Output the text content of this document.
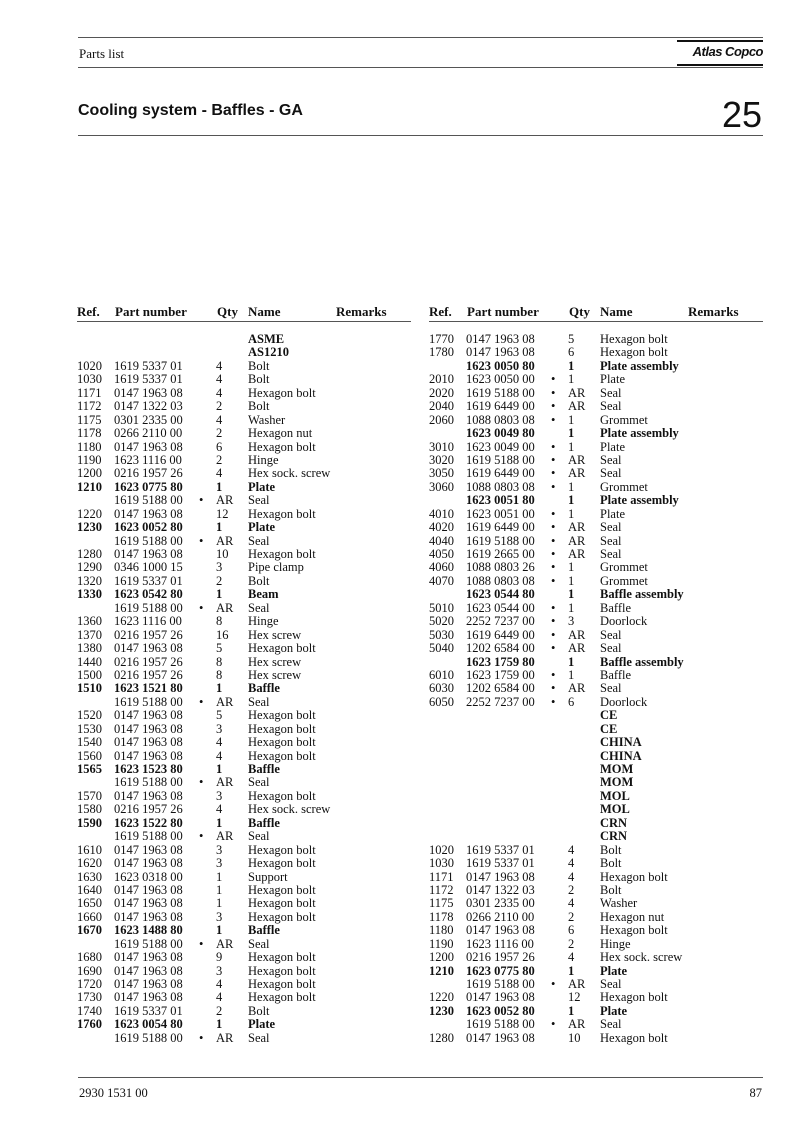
Parts list	Atlas Copco
Cooling system - Baffles - GA	25
Ref. Part number Qty Name	Remarks	Ref. Part number Qty Name	Remarks
ASME
AS1210
1020 1619 5337 01	4 Bolt
1030 1619 5337 01	4 Bolt
1171 0147 1963 08	4 Hexagon bolt
1172 0147 1322 03	2 Bolt
1175 0301 2335 00	4 Washer
1178 0266 2110 00	2 Hexagon nut
1180 0147 1963 08	6 Hexagon bolt
1190 1623 1116 00	2 Hinge
1200 0216 1957 26	4 Hex sock. screw
1210 1623 0775 80	1 Plate
1619 5188 00 • AR Seal
1220 0147 1963 08	12 Hexagon bolt
1230 1623 0052 80	1 Plate
1619 5188 00 • AR Seal
1280 0147 1963 08	10 Hexagon bolt
1290 0346 1000 15	3 Pipe clamp
1320 1619 5337 01	2 Bolt
1330 1623 0542 80	1 Beam
1619 5188 00 • AR Seal
1360 1623 1116 00	8 Hinge
1370 0216 1957 26	16 Hex screw
1380 0147 1963 08	5 Hexagon bolt
1440 0216 1957 26	8 Hex screw
1500 0216 1957 26	8 Hex screw
1510 1623 1521 80	1 Baffle
1619 5188 00 • AR Seal
1520 0147 1963 08	5 Hexagon bolt
1530 0147 1963 08	3 Hexagon bolt
1540 0147 1963 08	4 Hexagon bolt
1560 0147 1963 08	4 Hexagon bolt
1565 1623 1523 80	1 Baffle
1619 5188 00 • AR Seal
1570 0147 1963 08	3 Hexagon bolt
1580 0216 1957 26	4 Hex sock. screw
1590 1623 1522 80	1 Baffle
1619 5188 00 • AR Seal
1610 0147 1963 08	3 Hexagon bolt
1620 0147 1963 08	3 Hexagon bolt
1630 1623 0318 00	1 Support
1640 0147 1963 08	1 Hexagon bolt
1650 0147 1963 08	1 Hexagon bolt
1660 0147 1963 08	3 Hexagon bolt
1670 1623 1488 80	1 Baffle
1619 5188 00 • AR Seal
1680 0147 1963 08	9 Hexagon bolt
1690 0147 1963 08	3 Hexagon bolt
1720 0147 1963 08	4 Hexagon bolt
1730 0147 1963 08	4 Hexagon bolt
1740 1619 5337 01	2 Bolt
1760 1623 0054 80	1 Plate
1619 5188 00 • AR Seal
1770 0147 1963 08	5 Hexagon bolt
1780 0147 1963 08	6 Hexagon bolt
1623 0050 80	1 Plate assembly
2010 1623 0050 00 • 1 Plate
2020 1619 5188 00 • AR Seal
2040 1619 6449 00 • AR Seal
2060 1088 0803 08 • 1 Grommet
1623 0049 80	1 Plate assembly
3010 1623 0049 00 • 1 Plate
3020 1619 5188 00 • AR Seal
3050 1619 6449 00 • AR Seal
3060 1088 0803 08 • 1 Grommet
1623 0051 80	1 Plate assembly
4010 1623 0051 00 • 1 Plate
4020 1619 6449 00 • AR Seal
4040 1619 5188 00 • AR Seal
4050 1619 2665 00 • AR Seal
4060 1088 0803 26 • 1 Grommet
4070 1088 0803 08 • 1 Grommet
1623 0544 80	1 Baffle assembly
5010 1623 0544 00 • 1 Baffle
5020 2252 7237 00 • 3 Doorlock
5030 1619 6449 00 • AR Seal
5040 1202 6584 00 • AR Seal
1623 1759 80	1 Baffle assembly
6010 1623 1759 00 • 1 Baffle
6030 1202 6584 00 • AR Seal
6050 2252 7237 00 • 6 Doorlock
CE
CE
CHINA
CHINA
MOM
MOM
MOL
MOL
CRN
CRN
1020 1619 5337 01	4 Bolt
1030 1619 5337 01	4 Bolt
1171 0147 1963 08	4 Hexagon bolt
1172 0147 1322 03	2 Bolt
1175 0301 2335 00	4 Washer
1178 0266 2110 00	2 Hexagon nut
1180 0147 1963 08	6 Hexagon bolt
1190 1623 1116 00	2 Hinge
1200 0216 1957 26	4 Hex sock. screw
1210 1623 0775 80	1 Plate
1619 5188 00 • AR Seal
1220 0147 1963 08	12 Hexagon bolt
1230 1623 0052 80	1 Plate
1619 5188 00 • AR Seal
1280 0147 1963 08	10 Hexagon bolt
2930 1531 00	87
